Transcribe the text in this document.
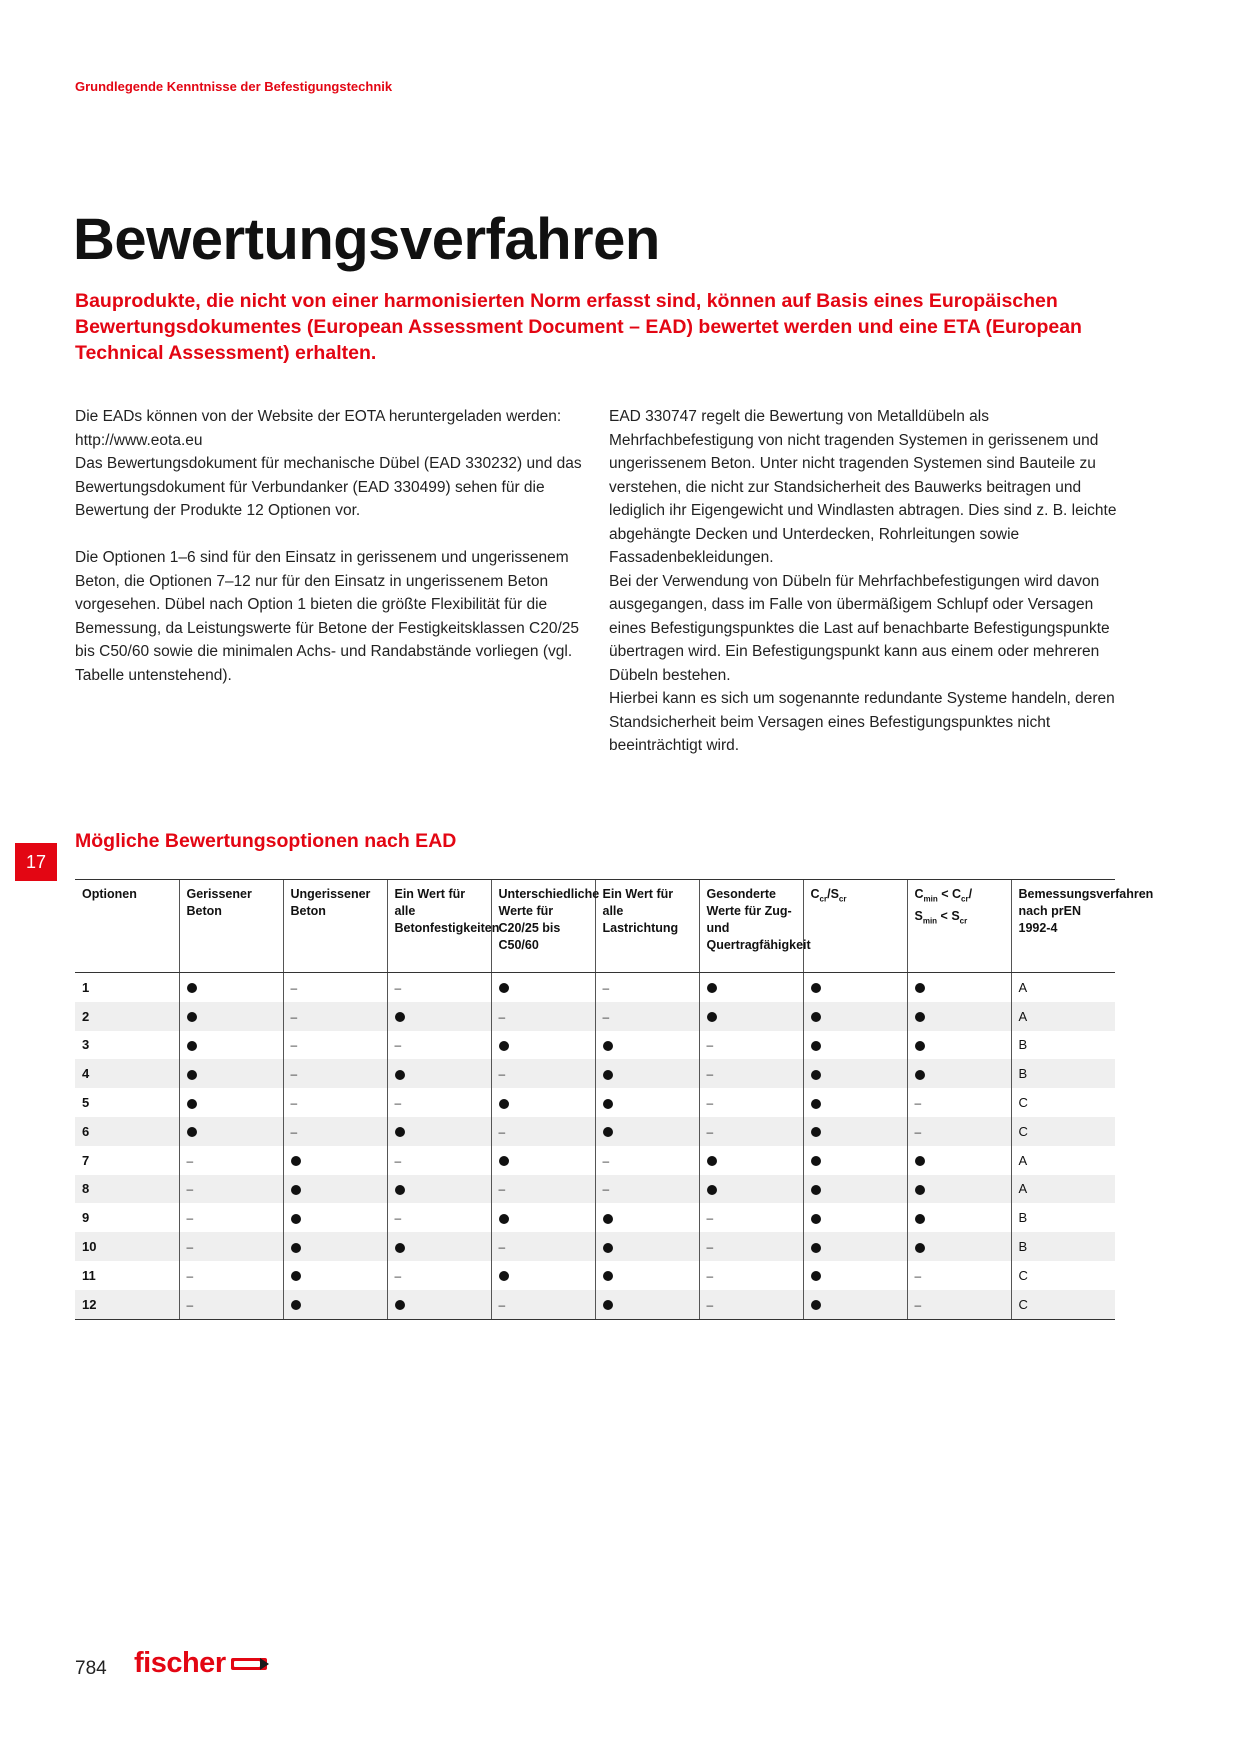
Grundlegende Kenntnisse der Befestigungstechnik
Bewertungsverfahren

Bauprodukte, die nicht von einer harmonisierten Norm erfasst sind, können auf Basis eines Europäischen Bewertungsdokumentes (European Assessment Document – EAD) bewertet werden und eine ETA (European Technical Assessment) erhalten.

Die EADs können von der Website der EOTA heruntergeladen werden: http://www.eota.eu

Das Bewertungsdokument für mechanische Dübel (EAD 330232) und das Bewertungsdokument für Verbundanker (EAD 330499) sehen für die Bewertung der Produkte 12 Optionen vor.

Die Optionen 1–6 sind für den Einsatz in gerissenem und ungerissenem Beton, die Optionen 7–12 nur für den Einsatz in ungerissenem Beton vorgesehen. Dübel nach Option 1 bieten die größte Flexibilität für die Bemessung, da Leistungswerte für Betone der Festigkeitsklassen C20/25 bis C50/60 sowie die minimalen Achs- und Randabstände vorliegen (vgl. Tabelle untenstehend).

EAD 330747 regelt die Bewertung von Metalldübeln als Mehrfachbefestigung von nicht tragenden Systemen in gerissenem und ungerissenem Beton. Unter nicht tragenden Systemen sind Bauteile zu verstehen, die nicht zur Standsicherheit des Bauwerks beitragen und lediglich ihr Eigengewicht und Windlasten abtragen. Dies sind z. B. leichte abgehängte Decken und Unterdecken, Rohrleitungen sowie Fassadenbekleidungen.

Bei der Verwendung von Dübeln für Mehrfachbefestigungen wird davon ausgegangen, dass im Falle von übermäßigem Schlupf oder Versagen eines Befestigungspunktes die Last auf benachbarte Befestigungspunkte übertragen wird. Ein Befestigungspunkt kann aus einem oder mehreren Dübeln bestehen.

Hierbei kann es sich um sogenannte redundante Systeme handeln, deren Standsicherheit beim Versagen eines Befestigungspunktes nicht beeinträchtigt wird.

17
Mögliche Bewertungsoptionen nach EAD
Optionen	Gerissener Beton	Ungerissener Beton	Ein Wert für alle Betonfestigkeiten	Unterschiedliche Werte für C20/25 bis C50/60	Ein Wert für alle Lastrichtung	Gesonderte Werte für Zug- und Quertragfähigkeit	$C_{cr}/S_{cr}$	$C_{min} < C_{cr}/$
$S_{min} < S_{cr}$	Bemessungsverfahren nach prEN 1992-4
1		–	–		–				A
2		–		–	–				A
3		–	–			–			B
4		–		–		–			B
5		–	–			–		–	C
6		–		–		–		–	C
7	–		–		–				A
8	–			–	–				A
9	–		–			–			B
10	–			–		–			B
11	–		–			–		–	C
12	–			–		–		–	C
784 fischer
